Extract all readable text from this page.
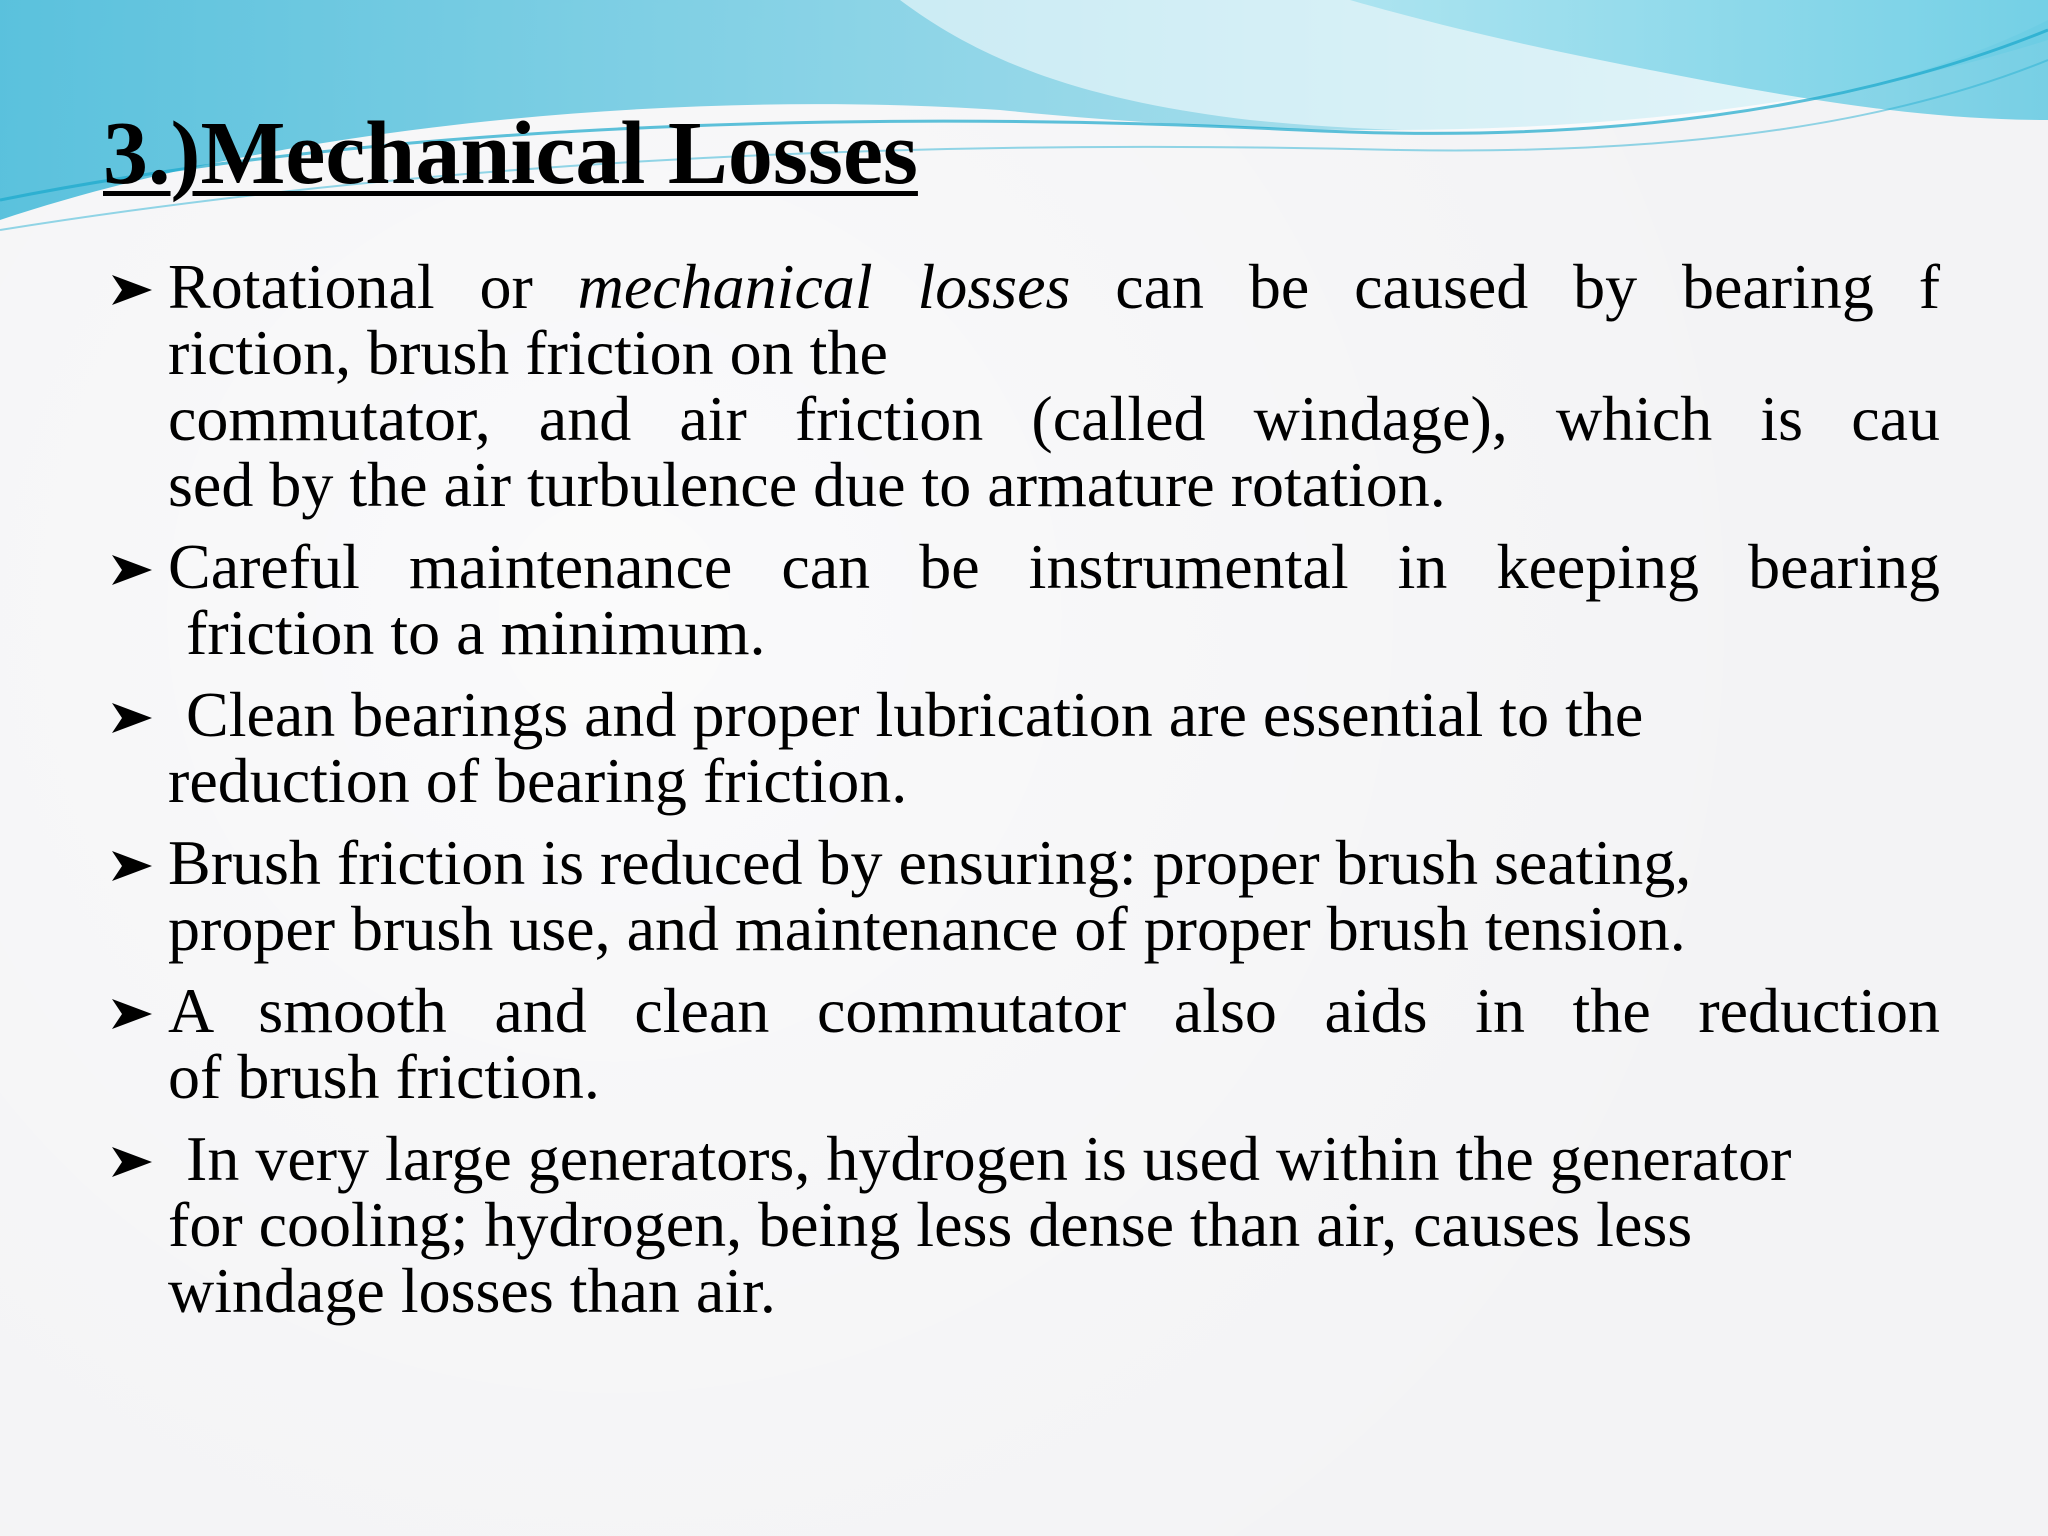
3.)Mechanical Losses
Rotational or mechanical losses can be caused by bearing f
riction, brush friction on the
commutator, and air friction (called windage), which is cau
sed by the air turbulence due to armature rotation.
Careful maintenance can be instrumental in keeping bearing
friction to a minimum.
Clean bearings and proper lubrication are essential to the
reduction of bearing friction.
Brush friction is reduced by ensuring: proper brush seating,
proper brush use, and maintenance of proper brush tension.
A smooth and clean commutator also aids in the reduction
of brush friction.
In very large generators, hydrogen is used within the generator
for cooling; hydrogen, being less dense than air, causes less
windage losses than air.
